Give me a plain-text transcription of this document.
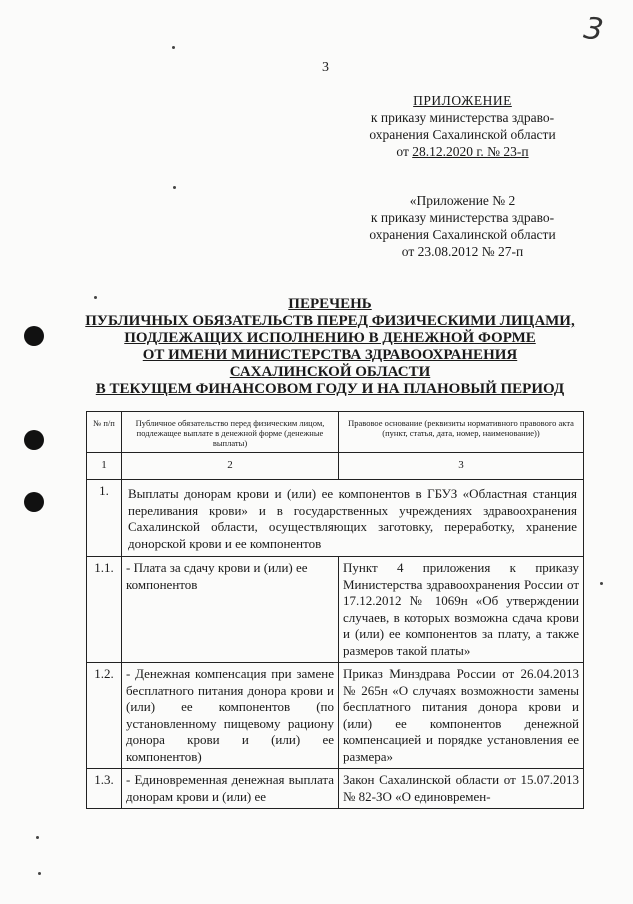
3
3
ПРИЛОЖЕНИЕ
к приказу министерства здраво-
охранения Сахалинской области
от 28.12.2020 г. № 23-п
«Приложение № 2
к приказу министерства здраво-
охранения Сахалинской области
от 23.08.2012 № 27-п
ПЕРЕЧЕНЬ
ПУБЛИЧНЫХ ОБЯЗАТЕЛЬСТВ ПЕРЕД ФИЗИЧЕСКИМИ ЛИЦАМИ,
ПОДЛЕЖАЩИХ ИСПОЛНЕНИЮ В ДЕНЕЖНОЙ ФОРМЕ
ОТ ИМЕНИ МИНИСТЕРСТВА ЗДРАВООХРАНЕНИЯ
САХАЛИНСКОЙ ОБЛАСТИ
В ТЕКУЩЕМ ФИНАНСОВОМ ГОДУ И НА ПЛАНОВЫЙ ПЕРИОД
№ п/п	Публичное обязательство перед физическим лицом, подлежащее выплате в денежной форме (денежные выплаты)	Правовое основание (реквизиты нормативного правового акта (пункт, статья, дата, номер, наименование))
1	2	3
1.	Выплаты донорам крови и (или) ее компонентов в ГБУЗ «Областная станция переливания крови» и в государственных учреждениях здравоохранения Сахалинской области, осуществляющих заготовку, переработку, хранение донорской крови и ее компонентов	
1.1.	- Плата за сдачу крови и (или) ее компонентов	Пункт 4 приложения к приказу Министерства здравоохранения России от 17.12.2012 № 1069н «Об утверждении случаев, в которых возможна сдача крови и (или) ее компонентов за плату, а также размеров такой платы»
1.2.	- Денежная компенсация при замене бесплатного питания донора крови и (или) ее компонентов (по установленному пищевому рациону донора крови и (или) ее компонентов)	Приказ Минздрава России от 26.04.2013 № 265н «О случаях возможности замены бесплатного питания донора крови и (или) ее компонентов денежной компенсацией и порядке установления ее размера»
1.3.	- Единовременная денежная выплата донорам крови и (или) ее	Закон Сахалинской области от 15.07.2013 № 82-ЗО «О единовремен-
